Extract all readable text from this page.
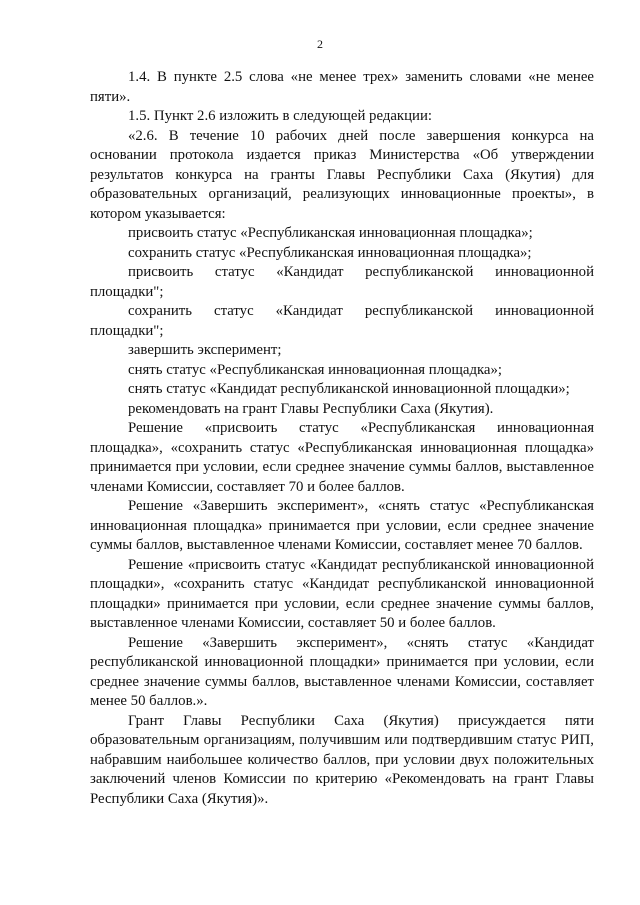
2

1.4. В пункте 2.5 слова «не менее трех» заменить словами «не менее пяти».

1.5. Пункт 2.6 изложить в следующей редакции:

«2.6. В течение 10 рабочих дней после завершения конкурса на основании протокола издается приказ Министерства «Об утверждении результатов конкурса на гранты Главы Республики Саха (Якутия) для образовательных организаций, реализующих инновационные проекты», в котором указывается:

присвоить статус «Республиканская инновационная площадка»;

сохранить статус «Республиканская инновационная площадка»;

присвоить статус «Кандидат республиканской инновационной площадки";

сохранить статус «Кандидат республиканской инновационной площадки";

завершить эксперимент;

снять статус «Республиканская инновационная площадка»;

снять статус «Кандидат республиканской инновационной площадки»;

рекомендовать на грант Главы Республики Саха (Якутия).

Решение «присвоить статус «Республиканская инновационная площадка», «сохранить статус «Республиканская инновационная площадка» принимается при условии, если среднее значение суммы баллов, выставленное членами Комиссии, составляет 70 и более баллов.

Решение «Завершить эксперимент», «снять статус «Республиканская инновационная площадка» принимается при условии, если среднее значение суммы баллов, выставленное членами Комиссии, составляет менее 70 баллов.

Решение «присвоить статус «Кандидат республиканской инновационной площадки», «сохранить статус «Кандидат республиканской инновационной площадки» принимается при условии, если среднее значение суммы баллов, выставленное членами Комиссии, составляет 50 и более баллов.

Решение «Завершить эксперимент», «снять статус «Кандидат республиканской инновационной площадки» принимается при условии, если среднее значение суммы баллов, выставленное членами Комиссии, составляет менее 50 баллов.».

Грант Главы Республики Саха (Якутия) присуждается пяти образовательным организациям, получившим или подтвердившим статус РИП, набравшим наибольшее количество баллов, при условии двух положительных заключений членов Комиссии по критерию «Рекомендовать на грант Главы Республики Саха (Якутия)».
